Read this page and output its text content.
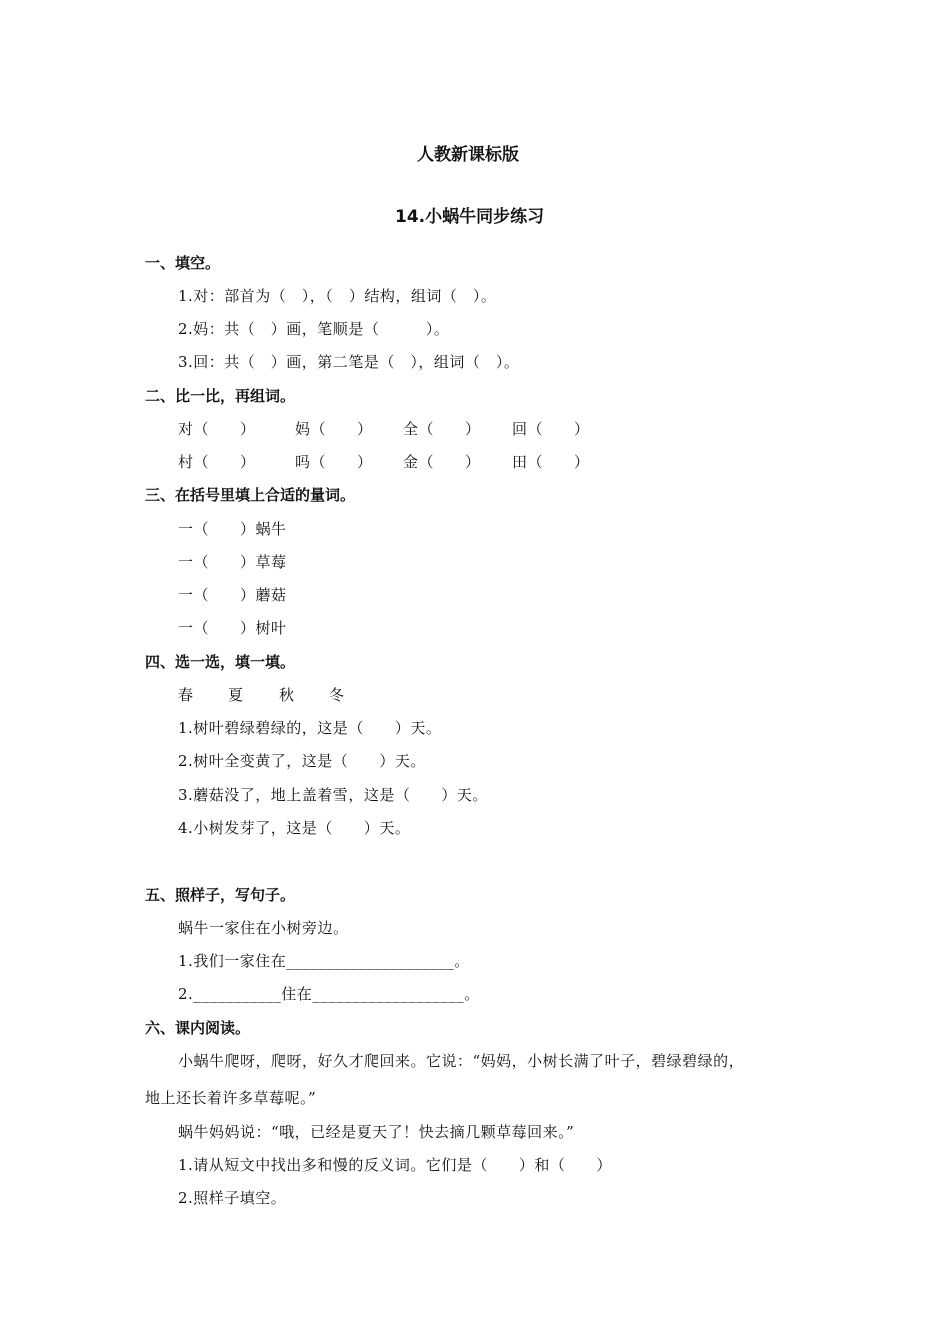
人教新课标版
14.小蜗牛同步练习
一、填空。
1.对：部首为（　），（　）结构，组词（　）。
2.妈：共（　）画，笔顺是（　　　）。
3.回：共（　）画，第二笔是（　），组词（　）。
二、比一比，再组词。
对（　　）	妈（　　） 全（　　） 回（　　）
村（　　）	吗（　　） 金（　　） 田（　　）
三、在括号里填上合适的量词。
一（　　）蜗牛
一（　　）草莓
一（　　）蘑菇
一（　　）树叶
四、选一选，填一填。
春 夏 秋 冬
1.树叶碧绿碧绿的，这是（　　）天。
2.树叶全变黄了，这是（　　）天。
3.蘑菇没了，地上盖着雪，这是（　　）天。
4.小树发芽了，这是（　　）天。
五、照样子，写句子。
蜗牛一家住在小树旁边。
1.我们一家住在_____________________。
2.___________住在___________________。
六、课内阅读。
小蜗牛爬呀，爬呀，好久才爬回来。它说：“妈妈，小树长满了叶子，碧绿碧绿的，
地上还长着许多草莓呢。”
蜗牛妈妈说：“哦，已经是夏天了！快去摘几颗草莓回来。”
1.请从短文中找出多和慢的反义词。它们是（　　）和（　　）
2.照样子填空。
